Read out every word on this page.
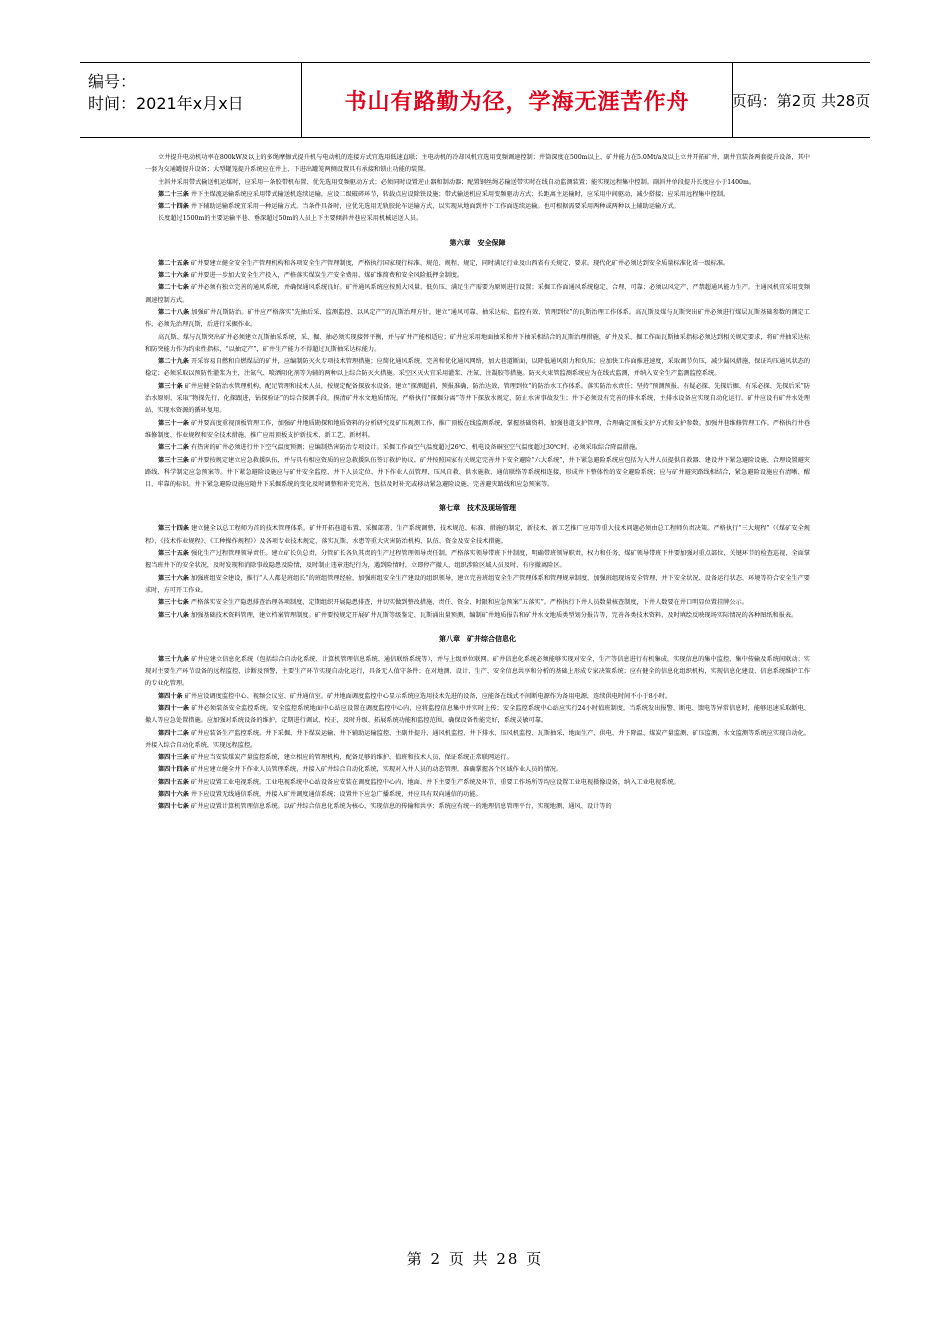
编号：
时间：2021年x月x日	书山有路勤为径，学海无涯苦作舟	页码：第2页 共28页

立井提升电动机功率在800kW及以上的多绳摩擦式提升机与电动机的连接方式宜选用低速直联；主电动机的冷却风机宜选用变频调速控制；井筒深度在500m以上、矿井能力在5.0Mt/a及以上立井开拓矿井，副井宜装备两套提升设备，其中一套为交通罐提升设备；大型罐笼提升系统应在井上、下进出罐笼两侧设置具有承接和锁止功能的装置。

主斜井采用带式输送机运煤时，应采用一条胶带机布置、优先选用变频驱动方式；必须同时设置逆止器和制动器；配置钢丝绳芯输送带实时在线自动监测装置；能实现远程集中控制。副斜井单段提升长度应小于1400m。

第二十三条 井下主煤流运输系统应采用带式输送机连续运输，应设二级破碎环节，转载点应设除铁设施；带式输送机应采用变频驱动方式；长距离主运输时，应采用中间驱动，减少搭接；应采用远程集中控制。

第二十四条 井下辅助运输系统宜采用一种运输方式。当条件具备时，应优先选用无轨胶轮车运输方式，以实现从地面到井下工作面连续运输。也可根据需要采用两种或两种以上辅助运输方式。

长度超过1500m的主要运输平巷、垂深超过50m的人员上下主要倾斜井巷应采用机械运送人员。

第六章　安全保障

第二十五条 矿井要建立健全安全生产管理机构和各项安全生产管理制度，严格执行国家现行标准、规范、规程、规定，同时满足行业及山西省有关规定、要求。现代化矿井必须达到安全质量标准化省一级标准。

第二十六条 矿井要进一步加大安全生产投入，严格落实煤炭生产安全费用、煤矿维简费和安全风险抵押金制度。

第二十七条 矿井必须有独立完善的通风系统，并确保通风系统良好。矿井通风系统应按照大风量、低负压、满足生产需要为原则进行设置；采掘工作面通风系统稳定、合理、可靠；必须以风定产，严禁超通风能力生产。主通风机宜采用变频调速控制方式。

第二十八条 加强矿井瓦斯防治。矿井应严格落实“先抽后采、监测监控、以风定产”的瓦斯治理方针，建立“通风可靠、抽采达标、监控有效、管理到位”的瓦斯治理工作体系。高瓦斯及煤与瓦斯突出矿井必须进行煤层瓦斯基础参数的测定工作，必须先治理瓦斯，后进行采掘作业。

高瓦斯、煤与瓦斯突出矿井必须建立瓦斯抽采系统，采、掘、抽必须实现接替平衡，并与矿井产能相适应；矿井应采用地面抽采和井下抽采相结合的瓦斯治理措施，矿井及采、掘工作面瓦斯抽采指标必须达到相关规定要求，将矿井抽采达标和防突能力作为约束性指标，“以抽定产”，矿井生产能力不得超过瓦斯抽采达标能力。

第二十九条 开采容易自燃和自燃煤层的矿井，应编制防灭火专项技术管理措施；应简化通风系统，完善和优化通风网络，加大巷道断面，以降低通风阻力和负压；应加快工作面推进速度，采取调节负压，减少漏风措施，保证均压通风状态的稳定；必须采取以预防性灌浆为主，注氮气、喷洒阻化剂等为辅的两种以上综合防灭火措施。采空区灭火宜采用灌浆、注氮、注凝胶等措施。防灭火束管监测系统应为在线式监测，并纳入安全生产监测监控系统。

第三十条 矿井应健全防治水管理机构，配足管理和技术人员，按规定配备探放水设备。建立“探测超前，预报准确，防治达效，管理到位”的防治水工作体系。落实防治水责任；坚持“预测预报、有疑必探、先探后掘、有采必探、先探后采”防治水原则，采取“物探先行，化探跟进，钻探验证”的综合探测手段，摸清矿井水文地质情况。严格执行“探掘分离”等井下探放水规定，防止水害事故发生；井下必须设有完善的排水系统，主排水设备应实现自动化运行。矿井应设有矿井水处理站，实现水资源的循环复用。

第三十一条 矿井要高度重视顶板管理工作，加强矿井地质勘探和地质资料的分析研究及矿压观测工作，推广顶板在线监测系统，掌握基础资料，加强巷道支护管理，合理确定顶板支护方式和支护参数。加强井巷维修管理工作。严格执行井巷维修制度、作业规程和安全技术措施，推广应用顶板支护新技术、新工艺、新材料。

第三十二条 有热害的矿井必须进行井下空气温度预测；应编制热害防治专项设计。采掘工作面空气温度超过26℃、机电设备硐室空气温度超过30℃时，必须采取综合降温措施。

第三十三条 矿井要按规定建立应急救援队伍，并与具有相应资质的应急救援队伍签订救护协议。矿井按照国家有关规定完善井下安全避险“六大系统”，井下紧急避险系统应包括为入井人员提供自救器、建设井下紧急避险设施、合理设置避灾路线、科学制定应急预案等。井下紧急避险设施应与矿井安全监控、井下人员定位、井下作业人员管理、压风自救、供水施救、通信联络等系统相连接，形成井下整体性的安全避险系统；应与矿井避灾路线相结合，紧急避险设施应有清晰、醒目、牢靠的标识。井下紧急避险设施应随井下采掘系统的变化及时调整和补充完善，包括及时补充或移动紧急避险设施、完善避灾路线和应急预案等。

第七章　技术及现场管理

第三十四条 建立健全以总工程师为首的技术管理体系，矿井开拓巷道布置、采掘部署，生产系统调整，技术规范、标准、措施的制定，新技术、新工艺推广应用等重大技术问题必须由总工程师负责决策。严格执行“三大规程”（《煤矿安全规程》、《技术作业规程》、《工种操作规程》）及各项专业技术规定、落实瓦斯、水患等重大灾害防治机构、队伍、资金及安全技术措施。

第三十五条 强化生产过程管理领导责任。建立矿长负总责，分管矿长各负其责的生产过程管理领导责任制。严格落实领导带班下井制度，明确带班领导职责，权力和任务，煤矿领导带班下井要加强对重点部位、关键环节的检查巡视，全面掌握当班井下的安全状况，及时发现和消除事故隐患及险情，及时制止违章违纪行为，遇到险情时，立即停产撤人，组织涉险区域人员及时、有序撤离险区。

第三十六条 加强班组安全建设，推行“人人都是班组长”的班组管理经验，加强班组安全生产建设的组织领导，建立完善班组安全生产管理体系和管理规章制度，加强班组现场安全管理，并下安全状况、设备运行状态、环境等符合安全生产要求时，方可开工作业。

第三十七条 严格落实安全生产隐患排查治理各项制度，定期组织开展隐患排查，并切实做到整改措施、责任、资金、时限和应急预案“五落实”。严格执行下井人员数量核查制度，下井人数要在井口明显位置挂牌公示。

第三十八条 加强基础技术资料管理，建立档案管理制度。矿井要按规定开展矿井瓦斯等级鉴定、瓦斯涌出量预测，编制矿井地质报告和矿井水文地质类型划分报告等，完善各类技术资料，及时填绘反映现场实际情况的各种图纸和报表。

第八章　矿井综合信息化

第三十九条 矿井应建立信息化系统（包括综合自动化系统、计算机管理信息系统、通信联络系统等），并与上级单位联网。矿井信息化系统必须能够实现对安全、生产等信息进行有机集成，实现信息的集中监控、集中传输及系统间联动；实现对主要生产环节设备的远程监控、诊断及预警，主要生产环节实现自动化运行，具备无人值守条件；在对地测、设计、生产、安全信息共享和分析的基础上形成专家决策系统；应有健全的信息化组织机构，实现信息化建设、信息系统维护工作的专业化管理。

第四十条 矿井应设调度监控中心、视频会议室、矿井通信室。矿井地面调度监控中心显示系统应选用技术先进的设备，应能备在线式不间断电源作为备用电源，连续供电时间不小于8小时。

第四十一条 矿井必须装备安全监控系统。安全监控系统地面中心站应设置在调度监控中心内，应将监控信息集中并实时上传；安全监控系统中心站应实行24小时值班制度，当系统发出报警、断电、馈电等异常信息时，能够迅速采取断电、撤人等应急处置措施。应加强对系统设备的维护，定期进行调试、校正，及时升级、拓展系统功能和监控范围，确保设备性能完好，系统灵敏可靠。

第四十二条 矿井应装备生产监控系统。井下采掘、井下煤炭运输、井下辅助运输监控、主副井提升、通风机监控、井下排水、压风机监控、瓦斯抽采、地面生产、供电、井下降温、煤炭产量监测、矿压监测、水文监测等系统应实现自动化。并接入综合自动化系统，实现远程监控。

第四十三条 矿井应当安装煤炭产量监控系统，建立相应的管理机构，配备足够的维护、值班和技术人员，保证系统正常联网运行。

第四十四条 矿井应建立健全井下作业人员管理系统，并接入矿井综合自动化系统，实现对入井人员的动态管理，准确掌握各个区域作业人员的情况。

第四十五条 矿井应设置工业电视系统。工业电视系统中心站设备应安装在调度监控中心内，地面、井下主要生产系统及环节、重要工作场所等均应设置工业电视摄像设备，纳入工业电视系统。

第四十六条 井下应设置无线通信系统，并接入矿井调度通信系统；设置井下应急广播系统，并应具有双向通信的功能。

第四十七条 矿井应设置计算机管理信息系统。以矿井综合信息化系统为核心，实现信息的传输和共享；系统应有统一的地理信息管理平台，实现地测、通风、设计等的

第 2 页 共 28 页
